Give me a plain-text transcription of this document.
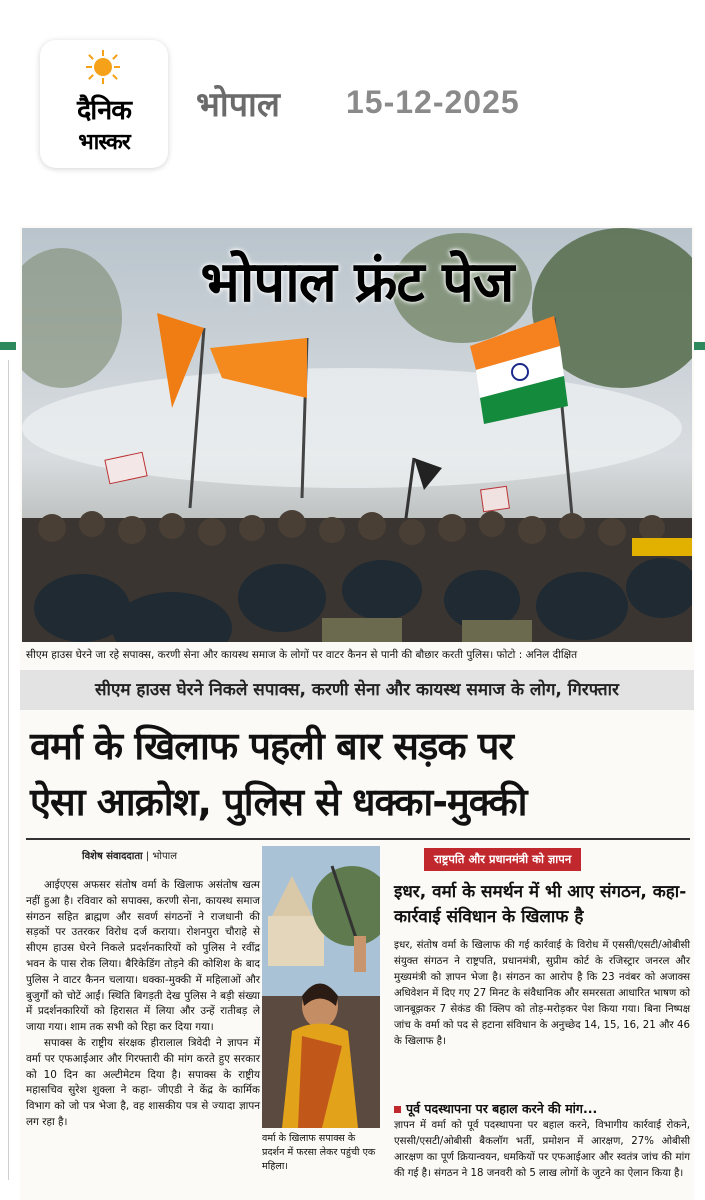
दैनिक
भास्कर
भोपाल 15-12-2025
भोपाल फ्रंट पेज
सीएम हाउस घेरने जा रहे सपाक्स, करणी सेना और कायस्थ समाज के लोगों पर वाटर कैनन से पानी की बौछार करती पुलिस। फोटो : अनिल दीक्षित
सीएम हाउस घेरने निकले सपाक्स, करणी सेना और कायस्थ समाज के लोग, गिरफ्तार
वर्मा के खिलाफ पहली बार सड़क पर
ऐसा आक्रोश, पुलिस से धक्का-मुक्की
विशेष संवाददाता | भोपाल

आईएएस अफसर संतोष वर्मा के खिलाफ असंतोष खत्म नहीं हुआ है। रविवार को सपाक्स, करणी सेना, कायस्थ समाज संगठन सहित ब्राह्मण और सवर्ण संगठनों ने राजधानी की सड़कों पर उतरकर विरोध दर्ज कराया। रोशनपुरा चौराहे से सीएम हाउस घेरने निकले प्रदर्शनकारियों को पुलिस ने रवींद्र भवन के पास रोक लिया। बैरिकेडिंग तोड़ने की कोशिश के बाद पुलिस ने वाटर कैनन चलाया। धक्का-मुक्की में महिलाओं और बुजुर्गों को चोटें आईं। स्थिति बिगड़ती देख पुलिस ने बड़ी संख्या में प्रदर्शनकारियों को हिरासत में लिया और उन्हें रातीबड़ ले जाया गया। शाम तक सभी को रिहा कर दिया गया।

सपाक्स के राष्ट्रीय संरक्षक हीरालाल त्रिवेदी ने ज्ञापन में वर्मा पर एफआईआर और गिरफ्तारी की मांग करते हुए सरकार को 10 दिन का अल्टीमेटम दिया है। सपाक्स के राष्ट्रीय महासचिव सुरेश शुक्ला ने कहा- जीएडी ने केंद्र के कार्मिक विभाग को जो पत्र भेजा है, वह शासकीय पत्र से ज्यादा ज्ञापन लग रहा है।

वर्मा के खिलाफ सपाक्स के प्रदर्शन में फरसा लेकर पहुंची एक महिला।
राष्ट्रपति और प्रधानमंत्री को ज्ञापन
इधर, वर्मा के समर्थन में भी आए संगठन, कहा- कार्रवाई संविधान के खिलाफ है
इधर, संतोष वर्मा के खिलाफ की गई कार्रवाई के विरोध में एससी/एसटी/ओबीसी संयुक्त संगठन ने राष्ट्रपति, प्रधानमंत्री, सुप्रीम कोर्ट के रजिस्ट्रार जनरल और मुख्यमंत्री को ज्ञापन भेजा है। संगठन का आरोप है कि 23 नवंबर को अजाक्स अधिवेशन में दिए गए 27 मिनट के संवैधानिक और समरसता आधारित भाषण को जानबूझकर 7 सेकंड की क्लिप को तोड़-मरोड़कर पेश किया गया। बिना निष्पक्ष जांच के वर्मा को पद से हटाना संविधान के अनुच्छेद 14, 15, 16, 21 और 46 के खिलाफ है।
पूर्व पदस्थापना पर बहाल करने की मांग...
ज्ञापन में वर्मा को पूर्व पदस्थापना पर बहाल करने, विभागीय कार्रवाई रोकने, एससी/एसटी/ओबीसी बैकलॉग भर्ती, प्रमोशन में आरक्षण, 27% ओबीसी आरक्षण का पूर्ण क्रियान्वयन, धमकियों पर एफआईआर और स्वतंत्र जांच की मांग की गई है। संगठन ने 18 जनवरी को 5 लाख लोगों के जुटने का ऐलान किया है।
